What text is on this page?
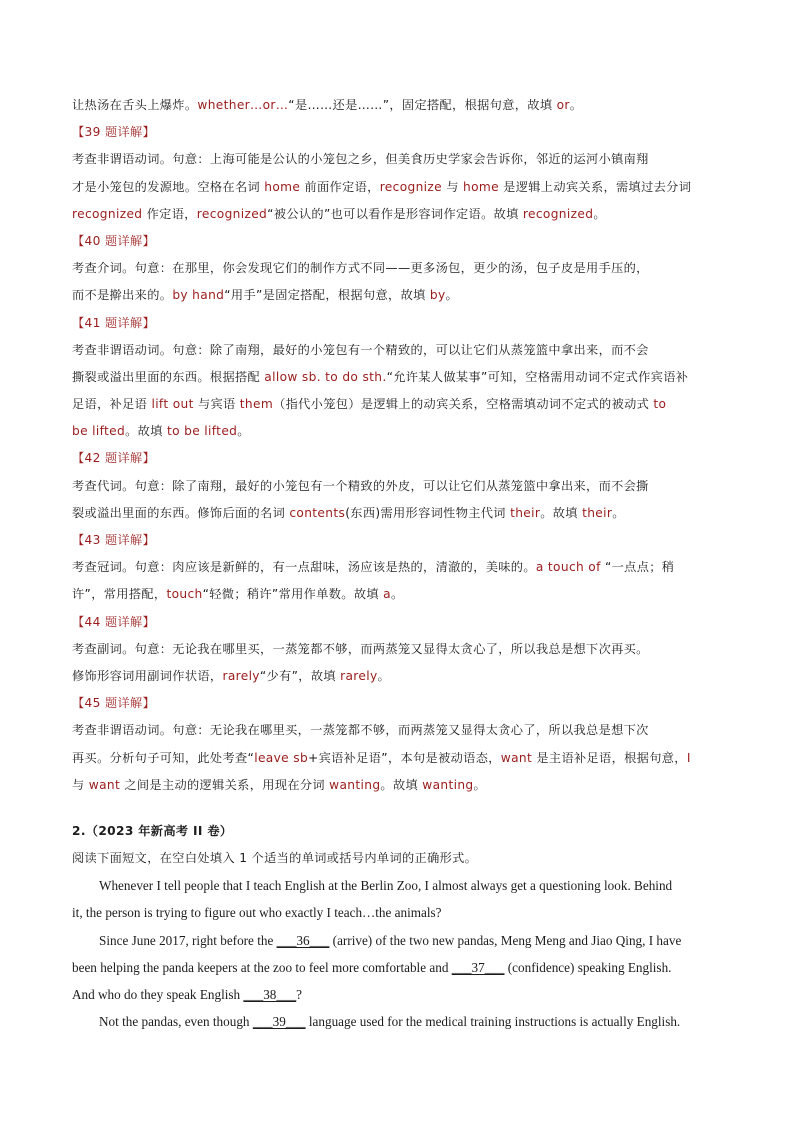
让热汤在舌头上爆炸。whether…or…“是……还是……”，固定搭配，根据句意，故填 or。
【39 题详解】
考查非谓语动词。句意：上海可能是公认的小笼包之乡，但美食历史学家会告诉你，邻近的运河小镇南翔
才是小笼包的发源地。空格在名词 home 前面作定语，recognize 与 home 是逻辑上动宾关系，需填过去分词
recognized 作定语，recognized“被公认的”也可以看作是形容词作定语。故填 recognized。
【40 题详解】
考查介词。句意：在那里，你会发现它们的制作方式不同——更多汤包，更少的汤，包子皮是用手压的，
而不是擀出来的。by hand“用手”是固定搭配，根据句意，故填 by。
【41 题详解】
考查非谓语动词。句意：除了南翔，最好的小笼包有一个精致的，可以让它们从蒸笼篮中拿出来，而不会
撕裂或溢出里面的东西。根据搭配 allow sb. to do sth.“允许某人做某事”可知，空格需用动词不定式作宾语补
足语，补足语 lift out 与宾语 them（指代小笼包）是逻辑上的动宾关系，空格需填动词不定式的被动式 to
be lifted。故填 to be lifted。
【42 题详解】
考查代词。句意：除了南翔，最好的小笼包有一个精致的外皮，可以让它们从蒸笼篮中拿出来，而不会撕
裂或溢出里面的东西。修饰后面的名词 contents(东西)需用形容词性物主代词 their。故填 their。
【43 题详解】
考查冠词。句意：肉应该是新鲜的，有一点甜味，汤应该是热的，清澈的，美味的。a touch of “一点点；稍
许”，常用搭配，touch“轻微；稍许”常用作单数。故填 a。
【44 题详解】
考查副词。句意：无论我在哪里买，一蒸笼都不够，而两蒸笼又显得太贪心了，所以我总是想下次再买。
修饰形容词用副词作状语，rarely“少有”，故填 rarely。
【45 题详解】
考查非谓语动词。句意：无论我在哪里买，一蒸笼都不够，而两蒸笼又显得太贪心了，所以我总是想下次
再买。分析句子可知，此处考查“leave sb+宾语补足语”，本句是被动语态，want 是主语补足语，根据句意，I
与 want 之间是主动的逻辑关系，用现在分词 wanting。故填 wanting。
2.（2023 年新高考 II 卷）
阅读下面短文，在空白处填入 1 个适当的单词或括号内单词的正确形式。
Whenever I tell people that I teach English at the Berlin Zoo, I almost always get a questioning look. Behind
it, the person is trying to figure out who exactly I teach…the animals?
Since June 2017, right before the ___36___ (arrive) of the two new pandas, Meng Meng and Jiao Qing, I have
been helping the panda keepers at the zoo to feel more comfortable and ___37___ (confidence) speaking English.
And who do they speak English ___38___?
Not the pandas, even though ___39___ language used for the medical training instructions is actually English.
